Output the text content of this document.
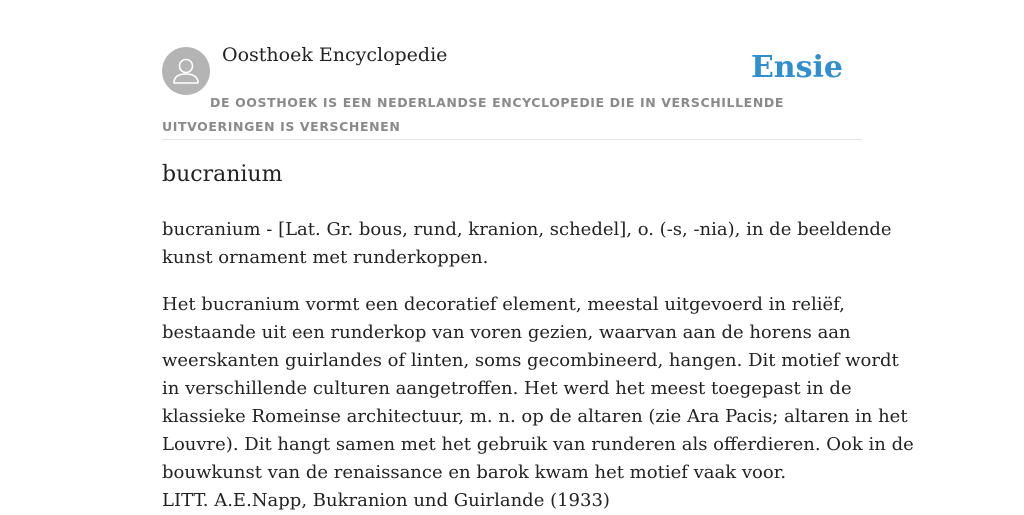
Oosthoek Encyclopedie	Ensie
DE OOSTHOEK IS EEN NEDERLANDSE ENCYCLOPEDIE DIE IN VERSCHILLENDE UITVOERINGEN IS VERSCHENEN
bucranium

bucranium - [Lat. Gr. bous, rund, kranion, schedel], o. (-s, -nia), in de beeldende
kunst ornament met runderkoppen.

Het bucranium vormt een decoratief element, meestal uitgevoerd in reliëf,
bestaande uit een runderkop van voren gezien, waarvan aan de horens aan
weerskanten guirlandes of linten, soms gecombineerd, hangen. Dit motief wordt
in verschillende culturen aangetroffen. Het werd het meest toegepast in de
klassieke Romeinse architectuur, m. n. op de altaren (zie Ara Pacis; altaren in het
Louvre). Dit hangt samen met het gebruik van runderen als offerdieren. Ook in de
bouwkunst van de renaissance en barok kwam het motief vaak voor.
LITT. A.E.Napp, Bukranion und Guirlande (1933)
